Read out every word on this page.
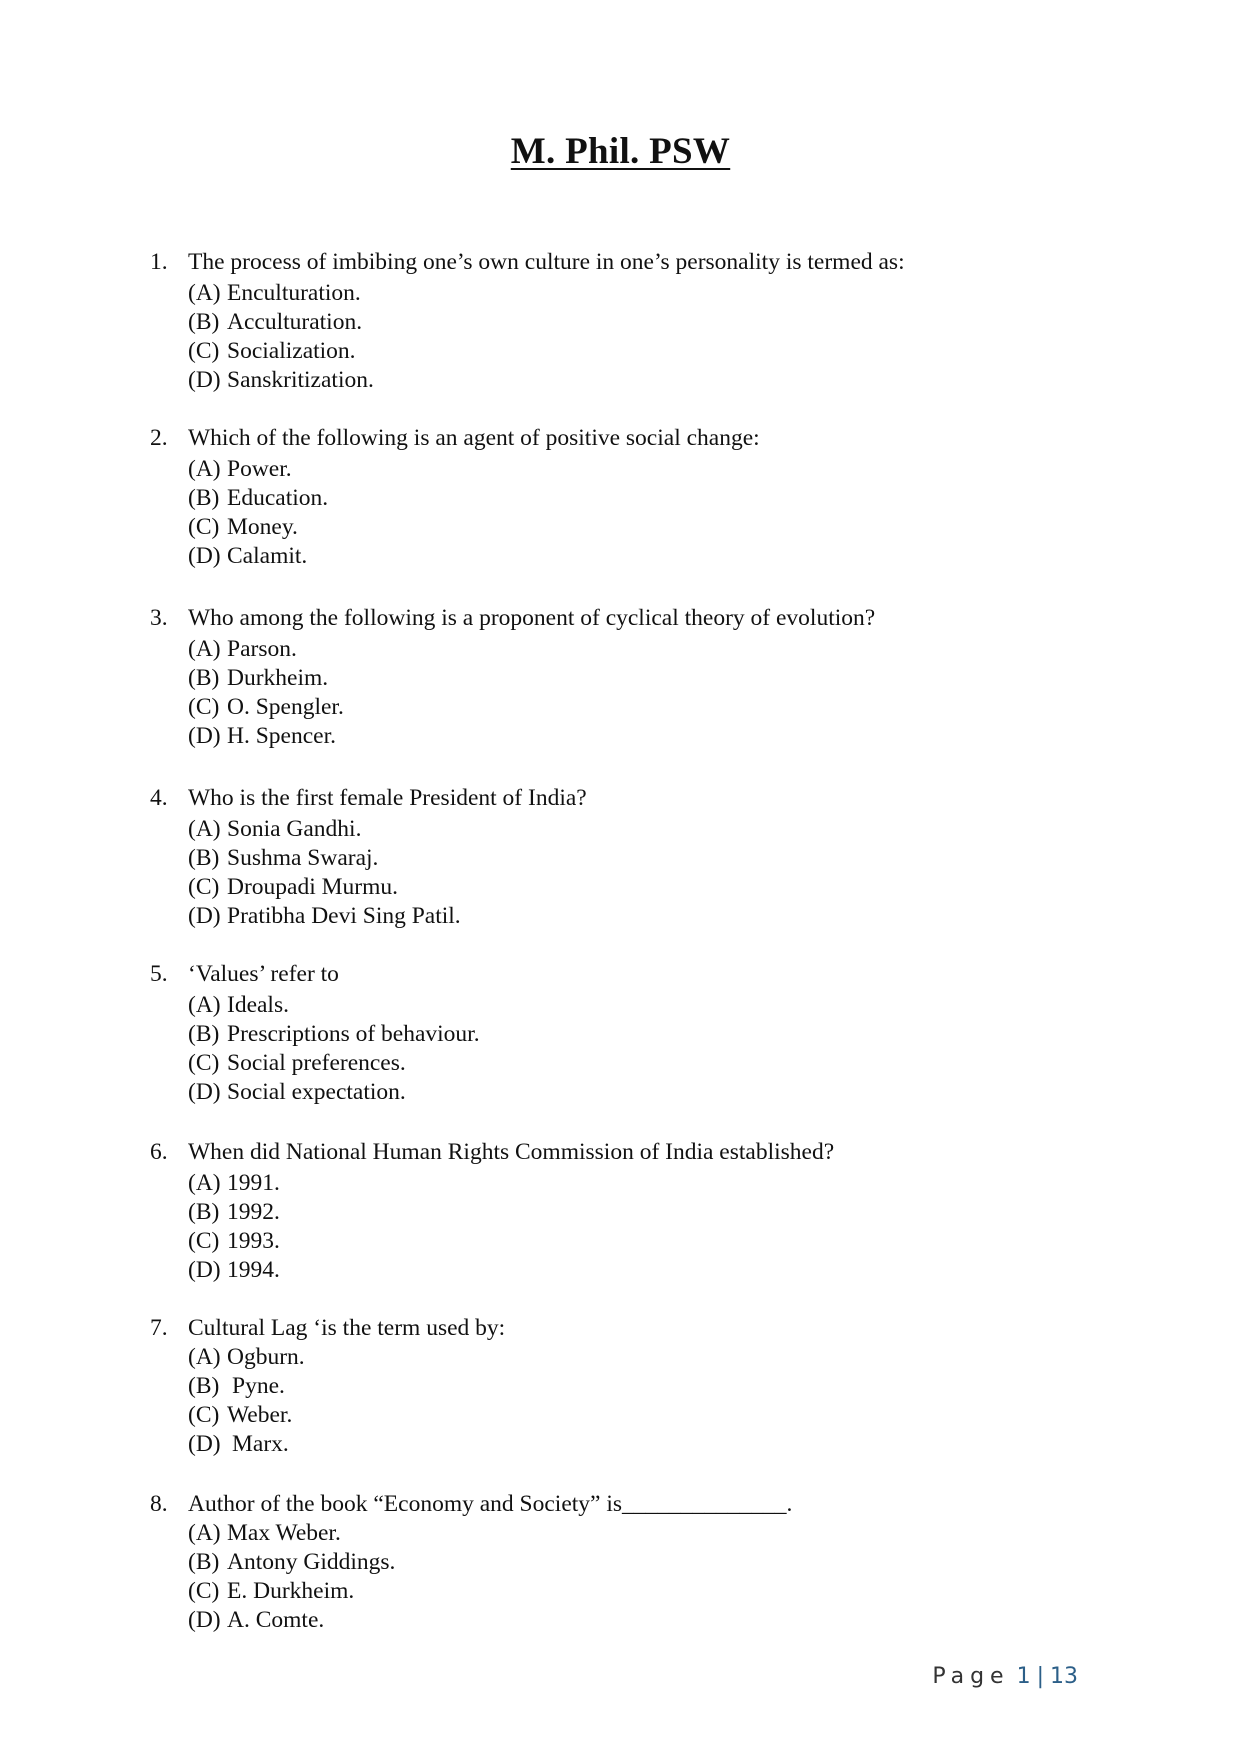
M. Phil. PSW
1. The process of imbibing one’s own culture in one’s personality is termed as:
(A) Enculturation.
(B) Acculturation.
(C) Socialization.
(D) Sanskritization.
2. Which of the following is an agent of positive social change:
(A) Power.
(B) Education.
(C) Money.
(D) Calamit.
3. Who among the following is a proponent of cyclical theory of evolution?
(A) Parson.
(B) Durkheim.
(C) O. Spengler.
(D) H. Spencer.
4. Who is the first female President of India?
(A) Sonia Gandhi.
(B) Sushma Swaraj.
(C) Droupadi Murmu.
(D) Pratibha Devi Sing Patil.
5. ‘Values’ refer to
(A) Ideals.
(B) Prescriptions of behaviour.
(C) Social preferences.
(D) Social expectation.
6. When did National Human Rights Commission of India established?
(A) 1991.
(B) 1992.
(C) 1993.
(D) 1994.
7. Cultural Lag ‘is the term used by:
(A) Ogburn.
(B) Pyne.
(C) Weber.
(D) Marx.
8. Author of the book “Economy and Society” is______________.
(A) Max Weber.
(B) Antony Giddings.
(C) E. Durkheim.
(D) A. Comte.
Page 1 | 13
